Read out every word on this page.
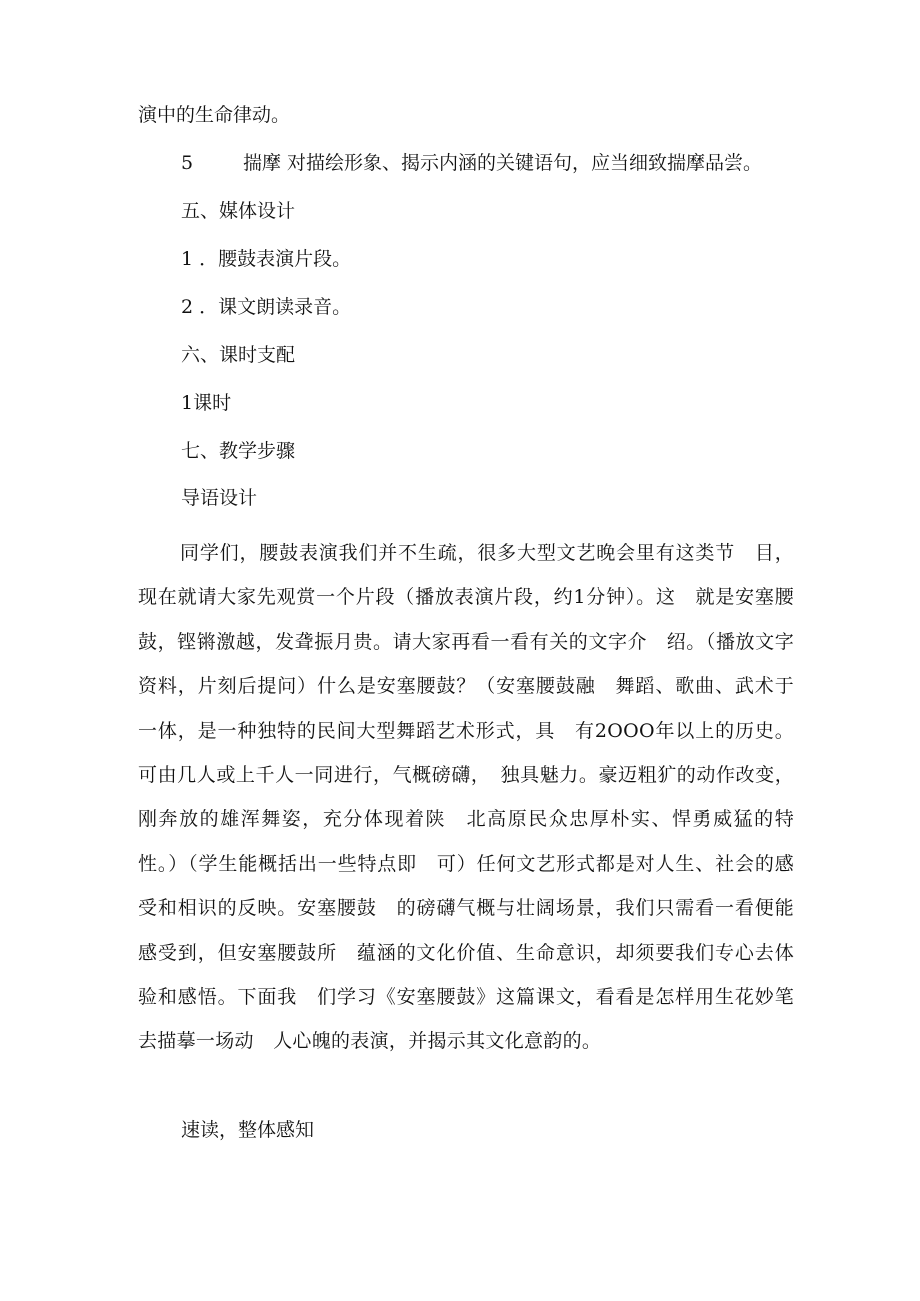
演中的生命律动。

5	揣摩 对描绘形象、揭示内涵的关键语句，应当细致揣摩品尝。

五、媒体设计

1 ．腰鼓表演片段。

2 ．课文朗读录音。

六、课时支配

1课时

七、教学步骤

导语设计

同学们，腰鼓表演我们并不生疏，很多大型文艺晚会里有这类节　目，现在就请大家先观赏一个片段（播放表演片段，约1分钟）。这　就是安塞腰鼓，铿锵激越，发聋振月贵。请大家再看一看有关的文字介　绍。（播放文字资料，片刻后提问）什么是安塞腰鼓？（安塞腰鼓融　舞蹈、歌曲、武术于一体，是一种独特的民间大型舞蹈艺术形式，具　有2OOO年以上的历史。可由几人或上千人一同进行，气概磅礴，　独具魅力。豪迈粗犷的动作改变，刚奔放的雄浑舞姿，充分体现着陕　北高原民众忠厚朴实、悍勇威猛的特性。）（学生能概括出一些特点即　可）任何文艺形式都是对人生、社会的感受和相识的反映。安塞腰鼓　的磅礴气概与壮阔场景，我们只需看一看便能感受到，但安塞腰鼓所　蕴涵的文化价值、生命意识，却须要我们专心去体验和感悟。下面我　们学习《安塞腰鼓》这篇课文，看看是怎样用生花妙笔去描摹一场动　人心魄的表演，并揭示其文化意韵的。

速读，整体感知
